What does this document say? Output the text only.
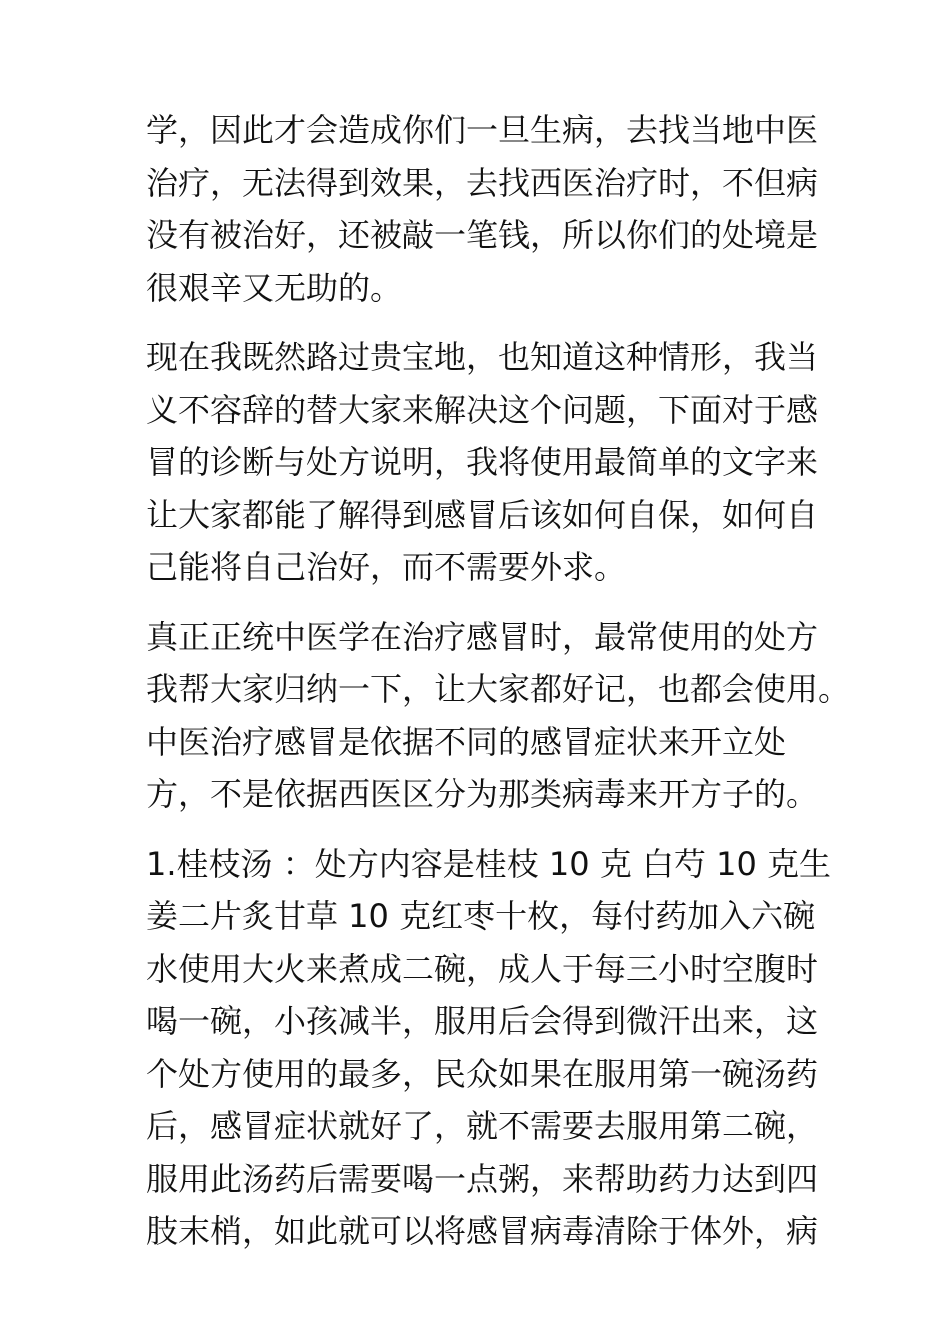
学，因此才会造成你们一旦生病，去找当地中医
治疗，无法得到效果，去找西医治疗时，不但病
没有被治好，还被敲一笔钱，所以你们的处境是
很艰辛又无助的。

现在我既然路过贵宝地，也知道这种情形，我当
义不容辞的替大家来解决这个问题，下面对于感
冒的诊断与处方说明，我将使用最简单的文字来
让大家都能了解得到感冒后该如何自保，如何自
己能将自己治好，而不需要外求。

真正正统中医学在治疗感冒时，最常使用的处方
我帮大家归纳一下，让大家都好记，也都会使用。
中医治疗感冒是依据不同的感冒症状来开立处
方，不是依据西医区分为那类病毒来开方子的。

1.桂枝汤 ：处方内容是桂枝 10 克 白芍 10 克生
姜二片炙甘草 10 克红枣十枚，每付药加入六碗
水使用大火来煮成二碗，成人于每三小时空腹时
喝一碗，小孩减半，服用后会得到微汗出来，这
个处方使用的最多，民众如果在服用第一碗汤药
后，感冒症状就好了，就不需要去服用第二碗，
服用此汤药后需要喝一点粥，来帮助药力达到四
肢末梢，如此就可以将感冒病毒清除于体外，病
